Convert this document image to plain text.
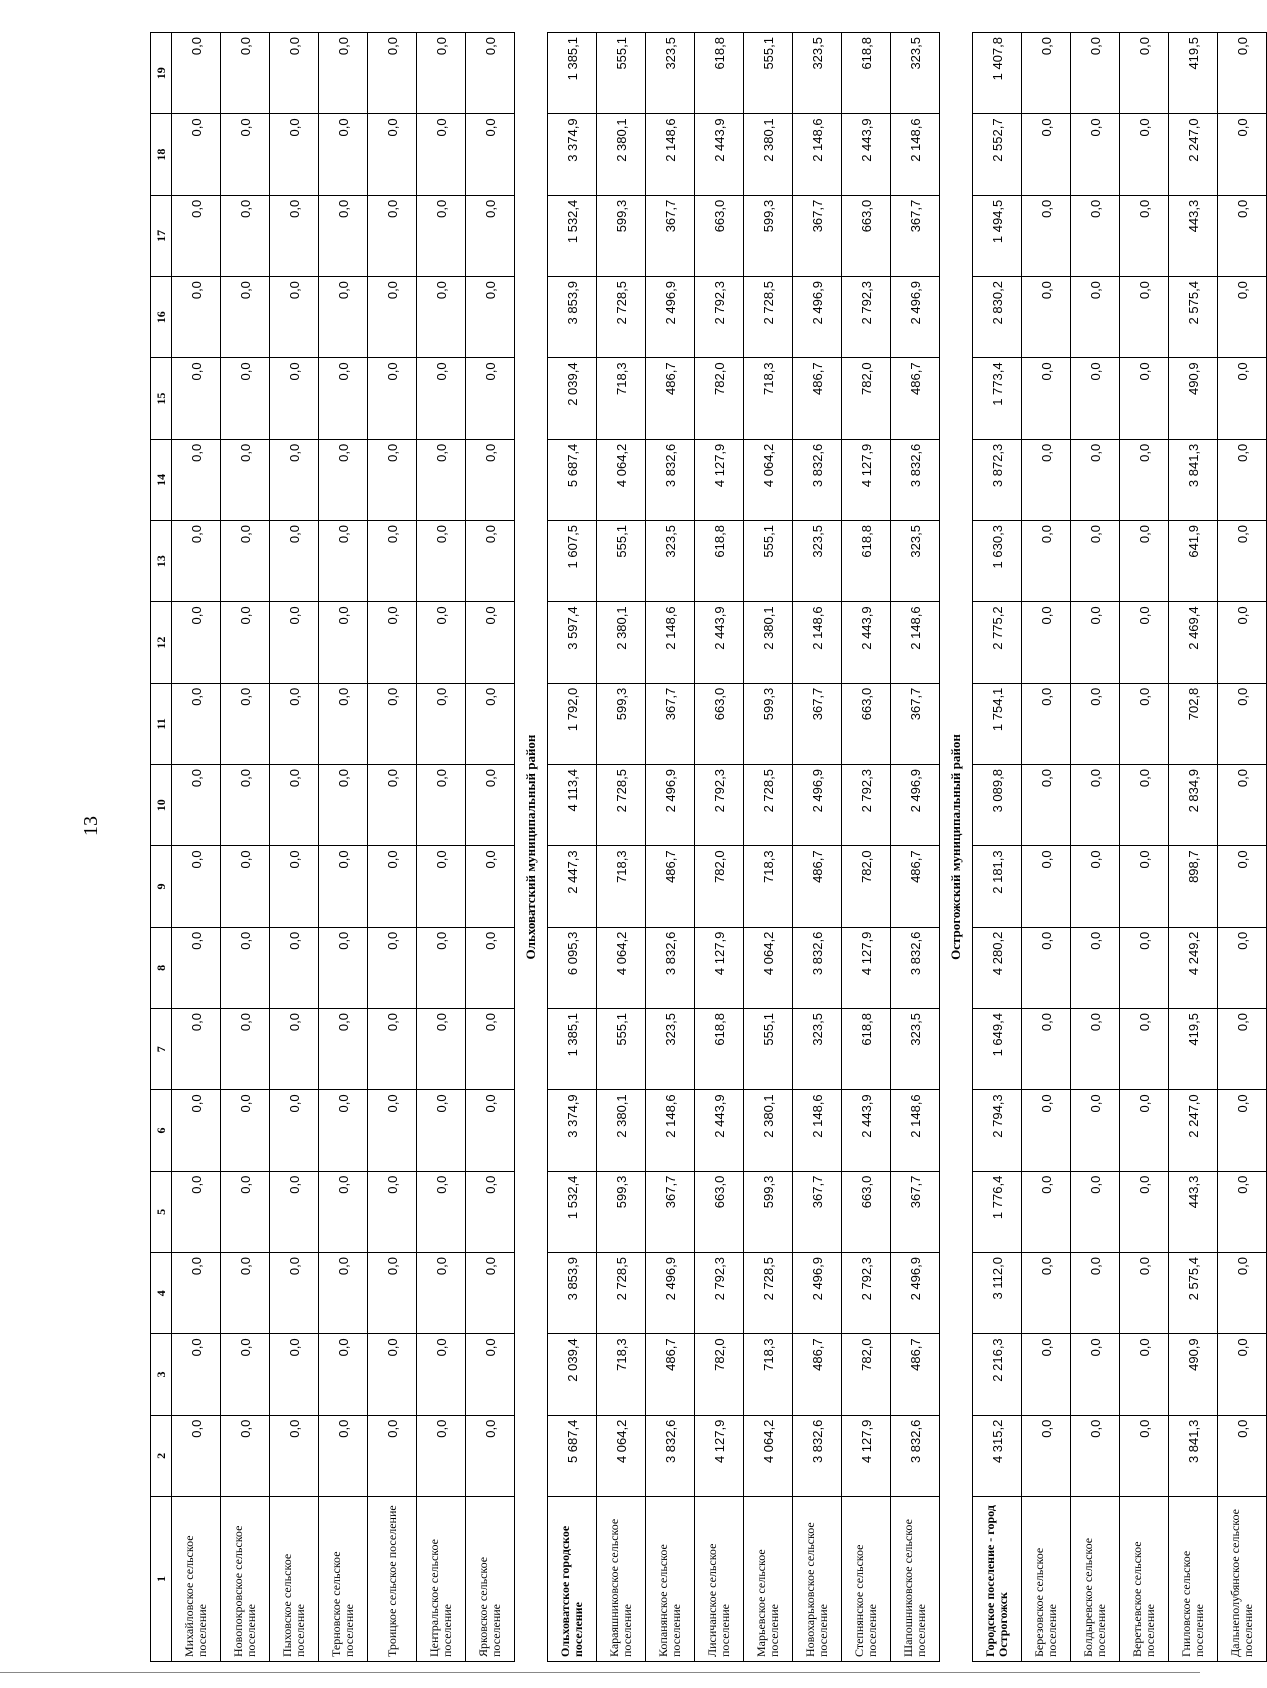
13
1	2	3	4	5	6	7	8	9	10	11	12	13	14	15	16	17	18	19
Михайловское сельское поселение	0,0	0,0	0,0	0,0	0,0	0,0	0,0	0,0	0,0	0,0	0,0	0,0	0,0	0,0	0,0	0,0	0,0	0,0
Новопокровское сельское поселение	0,0	0,0	0,0	0,0	0,0	0,0	0,0	0,0	0,0	0,0	0,0	0,0	0,0	0,0	0,0	0,0	0,0	0,0
Пыховское сельское поселение	0,0	0,0	0,0	0,0	0,0	0,0	0,0	0,0	0,0	0,0	0,0	0,0	0,0	0,0	0,0	0,0	0,0	0,0
Терновское сельское поселение	0,0	0,0	0,0	0,0	0,0	0,0	0,0	0,0	0,0	0,0	0,0	0,0	0,0	0,0	0,0	0,0	0,0	0,0
Троицкое сельское поселение	0,0	0,0	0,0	0,0	0,0	0,0	0,0	0,0	0,0	0,0	0,0	0,0	0,0	0,0	0,0	0,0	0,0	0,0
Центральское сельское поселение	0,0	0,0	0,0	0,0	0,0	0,0	0,0	0,0	0,0	0,0	0,0	0,0	0,0	0,0	0,0	0,0	0,0	0,0
Ярковское сельское поселение	0,0	0,0	0,0	0,0	0,0	0,0	0,0	0,0	0,0	0,0	0,0	0,0	0,0	0,0	0,0	0,0	0,0	0,0
Ольховатский муниципальный район																		
Ольховатское городское поселение	5 687,4	2 039,4	3 853,9	1 532,4	3 374,9	1 385,1	6 095,3	2 447,3	4 113,4	1 792,0	3 597,4	1 607,5	5 687,4	2 039,4	3 853,9	1 532,4	3 374,9	1 385,1
Караяшниковское сельское поселение	4 064,2	718,3	2 728,5	599,3	2 380,1	555,1	4 064,2	718,3	2 728,5	599,3	2 380,1	555,1	4 064,2	718,3	2 728,5	599,3	2 380,1	555,1
Копанянское сельское поселение	3 832,6	486,7	2 496,9	367,7	2 148,6	323,5	3 832,6	486,7	2 496,9	367,7	2 148,6	323,5	3 832,6	486,7	2 496,9	367,7	2 148,6	323,5
Лисичанское сельское поселение	4 127,9	782,0	2 792,3	663,0	2 443,9	618,8	4 127,9	782,0	2 792,3	663,0	2 443,9	618,8	4 127,9	782,0	2 792,3	663,0	2 443,9	618,8
Марьевское сельское поселение	4 064,2	718,3	2 728,5	599,3	2 380,1	555,1	4 064,2	718,3	2 728,5	599,3	2 380,1	555,1	4 064,2	718,3	2 728,5	599,3	2 380,1	555,1
Новохарьковское сельское поселение	3 832,6	486,7	2 496,9	367,7	2 148,6	323,5	3 832,6	486,7	2 496,9	367,7	2 148,6	323,5	3 832,6	486,7	2 496,9	367,7	2 148,6	323,5
Степнянское сельское поселение	4 127,9	782,0	2 792,3	663,0	2 443,9	618,8	4 127,9	782,0	2 792,3	663,0	2 443,9	618,8	4 127,9	782,0	2 792,3	663,0	2 443,9	618,8
Шапошниковское сельское поселение	3 832,6	486,7	2 496,9	367,7	2 148,6	323,5	3 832,6	486,7	2 496,9	367,7	2 148,6	323,5	3 832,6	486,7	2 496,9	367,7	2 148,6	323,5
Острогожский муниципальный район																		
Городское поселение - город Острогожск	4 315,2	2 216,3	3 112,0	1 776,4	2 794,3	1 649,4	4 280,2	2 181,3	3 089,8	1 754,1	2 775,2	1 630,3	3 872,3	1 773,4	2 830,2	1 494,5	2 552,7	1 407,8
Березовское сельское поселение	0,0	0,0	0,0	0,0	0,0	0,0	0,0	0,0	0,0	0,0	0,0	0,0	0,0	0,0	0,0	0,0	0,0	0,0
Болдыревское сельское поселение	0,0	0,0	0,0	0,0	0,0	0,0	0,0	0,0	0,0	0,0	0,0	0,0	0,0	0,0	0,0	0,0	0,0	0,0
Веретьевское сельское поселение	0,0	0,0	0,0	0,0	0,0	0,0	0,0	0,0	0,0	0,0	0,0	0,0	0,0	0,0	0,0	0,0	0,0	0,0
Гниловское сельское поселение	3 841,3	490,9	2 575,4	443,3	2 247,0	419,5	4 249,2	898,7	2 834,9	702,8	2 469,4	641,9	3 841,3	490,9	2 575,4	443,3	2 247,0	419,5
Дальнеполубянское сельское поселение	0,0	0,0	0,0	0,0	0,0	0,0	0,0	0,0	0,0	0,0	0,0	0,0	0,0	0,0	0,0	0,0	0,0	0,0
